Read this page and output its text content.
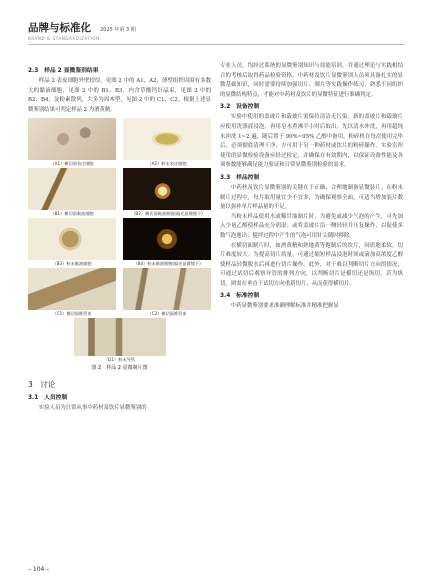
品牌与标准化 2025 年第 3 期
BRAND & STANDARDIZATION
2.3　样品 2 显微鉴别结果

样品 2 表皮细胞外壁较厚，见图 2 中的 A1、A2，薄壁组织周围有多数大的黏液细胞，见图 2 中的 B1、B3，内含草酸钙针晶束，见图 2 中的 B2、B4，淀粉素散列，大多为周木型，见图 2 中的 C1、C2。根据上述显微鉴别结果可判定样品 2 为酒黄精。

（A1）横切面表皮细胞	（A2）粉末表皮细胞
（B1）横切面黏液细胞	（B2）横切面黏液细胞(偏光显微镜下)
（B3）粉末黏液细胞	（B4）粉末黏液细胞(偏光显微镜下)
（C1）横切面维管束	（C2）横切面维管束
（D1）粉末导管
图 2　样品 2 显微制片图
3　讨论
3.1　人员控制

实验人员为日常从事中药材及饮片显微鉴别的

专业人员，均经过系统的显微鉴别知识与技能培训，并通过理论与实践相结合的考核后取得药品检验资格。中药材及饮片显微鉴别人员须具备扎实的显微基础知识，同时需要持续加强切片、制片等实践操作练习，熟悉不同组织的显微结构特点，才能对中药材及饮片的显微特征进行准确判定。

3.2　设备控制

实验中使用的盖玻片和载玻片需保持清洁无污染。新的盖玻片和载玻片应使用洗涤液浸泡，再用皂水煮沸半小时后取出，先以清水冲洗，再用超纯水冲洗 1~2 遍，随后置于 90%~95% 乙醇中备用。粉碎机在每次使用完毕后，必须彻底清理干净，方可用于另一种药材或饮片的粉碎操作。实验室所使用的显微检验设备应经过检定，并确保在有效期内，以保证设备性能及各项参数能够满足能力验证和日常显微鉴别检验的需求。

3.3　样品控制

中药材及饮片显微鉴别的关键在于正确、合理地制备显微装片。在粉末制片过程中，每片取用量宜少不宜多，为确保观察全面，可适当增加装片数量以弥补单片样品量的不足。

当粉末样品使用水或稀甘油制片时，为避免或减少气泡的产生，可先加入少量乙醇使样品充分润湿；或将盖玻片沿一侧轻轻并压复操作，以促使多数气泡逸出；搅拌过程中产生的气泡可用针尖随时移除。

在横切面制片时，如酒黄精和熟地黄等饱制后的饮片，因质地柔软，切片难度较大。为提高切片质量，可通过缩短样品浸泡时间或滴加高浓度乙醇使样品轻微脱水后再进行切片操作。此外，对于难以判断切片方向的情况，可通过试切后观察导管的排列方向，以判断切片是横切还是纵切。若为纵切，则需在垂直于试切方向重新切片，从而获得横切片。

3.4　标准控制

中药显微鉴别要求准确理解标准并精准把握显

– 104 –
